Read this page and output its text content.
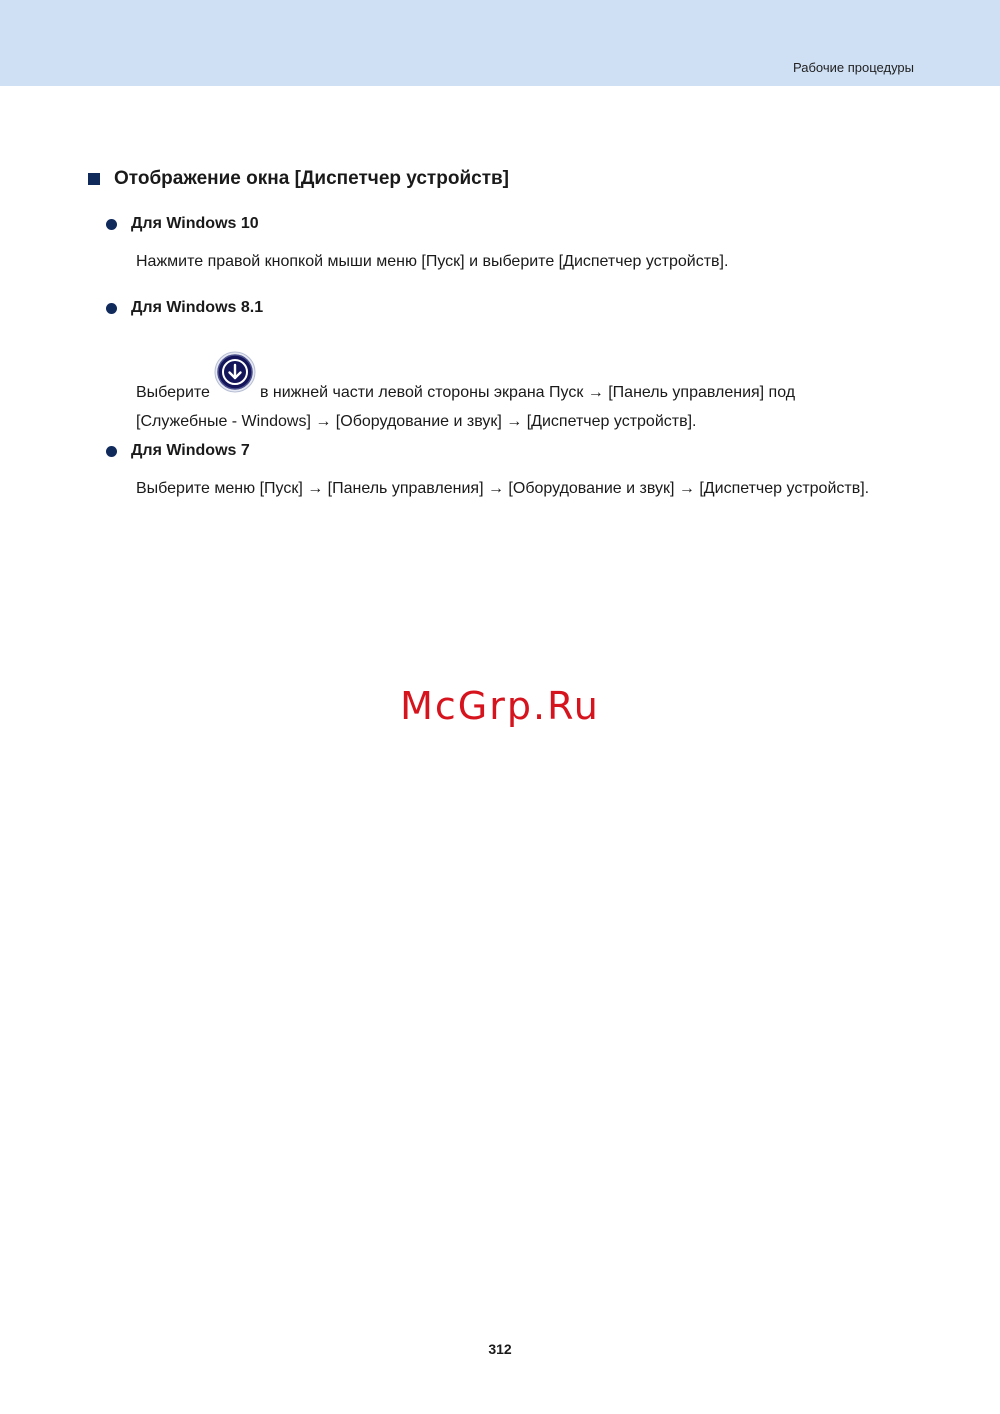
Рабочие процедуры
Отображение окна [Диспетчер устройств]
Для Windows 10
Нажмите правой кнопкой мыши меню [Пуск] и выберите [Диспетчер устройств].
Для Windows 8.1
Выберите	в нижней части левой стороны экрана Пуск → [Панель управления] под
[Служебные - Windows] → [Оборудование и звук] → [Диспетчер устройств].
Для Windows 7
Выберите меню [Пуск] → [Панель управления] → [Оборудование и звук] → [Диспетчер устройств].
McGrp.Ru
312
